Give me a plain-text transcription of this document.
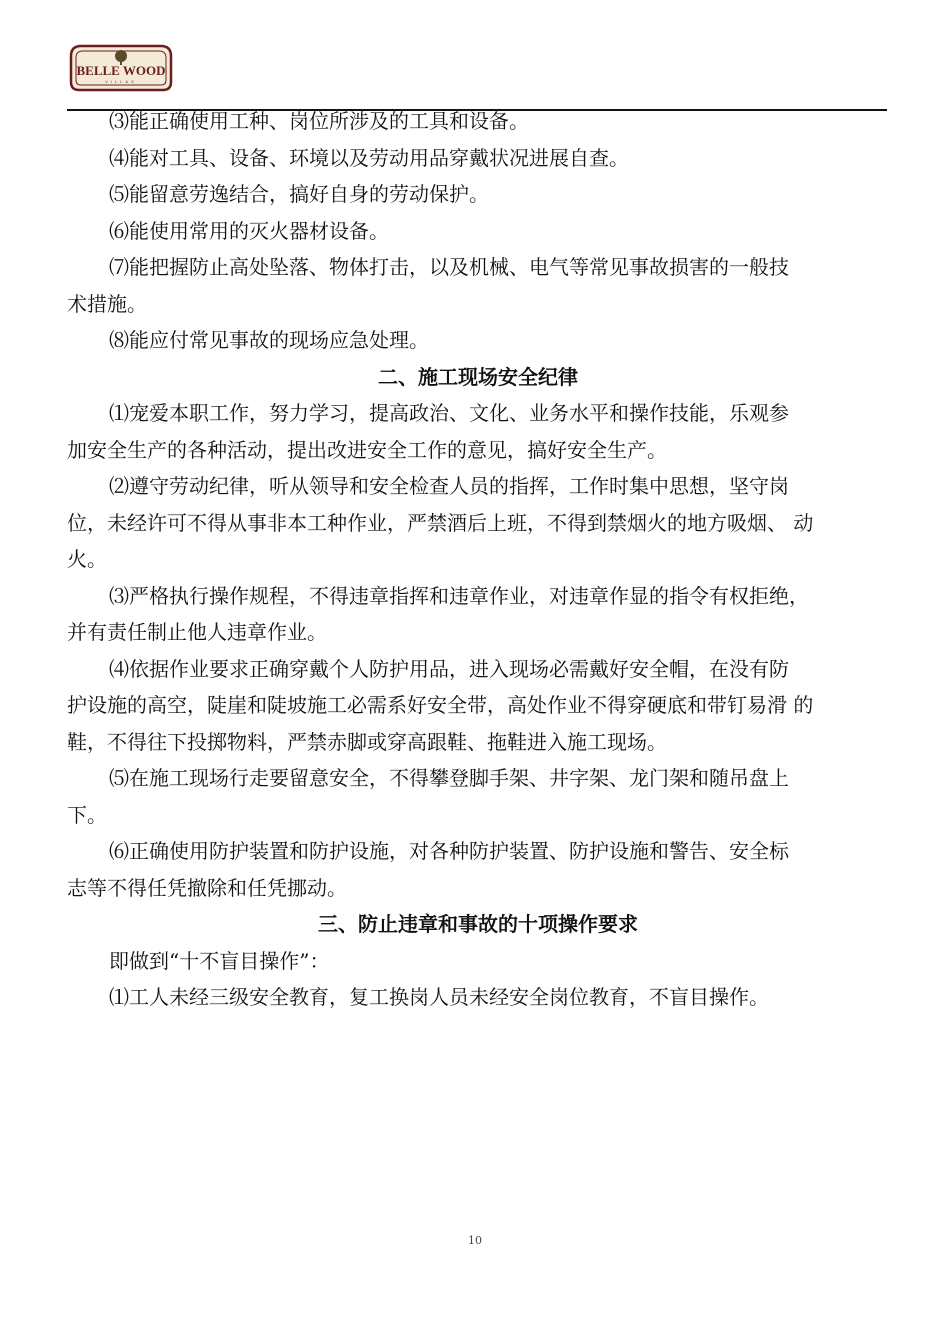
BELLE WOOD
VILLAS
⑶能正确使用工种、岗位所涉及的工具和设备。
⑷能对工具、设备、环境以及劳动用品穿戴状况进展自查。
⑸能留意劳逸结合，搞好自身的劳动保护。
⑹能使用常用的灭火器材设备。
⑺能把握防止高处坠落、物体打击，以及机械、电气等常见事故损害的一般技
术措施。
⑻能应付常见事故的现场应急处理。
二、施工现场安全纪律
⑴宠爱本职工作，努力学习，提高政治、文化、业务水平和操作技能，乐观参
加安全生产的各种活动，提出改进安全工作的意见，搞好安全生产。
⑵遵守劳动纪律，听从领导和安全检查人员的指挥，工作时集中思想，坚守岗
位，未经许可不得从事非本工种作业，严禁酒后上班，不得到禁烟火的地方吸烟、 动
火。
⑶严格执行操作规程，不得违章指挥和违章作业，对违章作显的指令有权拒绝，
并有责任制止他人违章作业。
⑷依据作业要求正确穿戴个人防护用品，进入现场必需戴好安全帽，在没有防
护设施的高空，陡崖和陡坡施工必需系好安全带，高处作业不得穿硬底和带钉易滑 的
鞋，不得往下投掷物料，严禁赤脚或穿高跟鞋、拖鞋进入施工现场。
⑸在施工现场行走要留意安全，不得攀登脚手架、井字架、龙门架和随吊盘上
下。
⑹正确使用防护装置和防护设施，对各种防护装置、防护设施和警告、安全标
志等不得任凭撤除和任凭挪动。
三、防止违章和事故的十项操作要求
即做到“十不盲目操作”：
⑴工人未经三级安全教育，复工换岗人员未经安全岗位教育，不盲目操作。
10
